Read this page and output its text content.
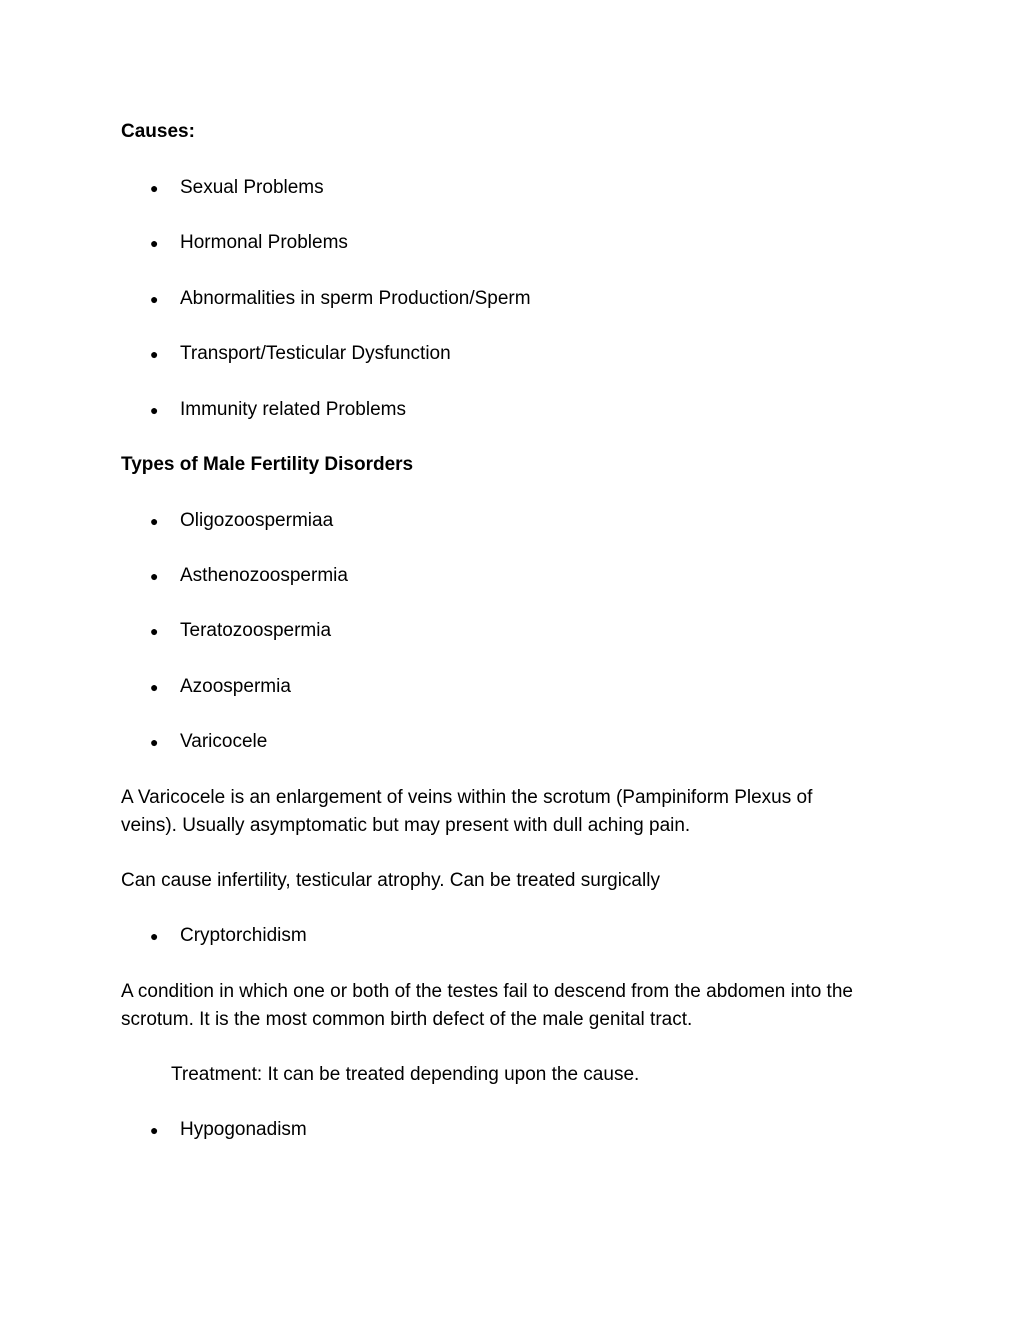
Causes:
● Sexual Problems
● Hormonal Problems
● Abnormalities in sperm Production/Sperm
● Transport/Testicular Dysfunction
● Immunity related Problems
Types of Male Fertility Disorders
● Oligozoospermiaa
● Asthenozoospermia
● Teratozoospermia
● Azoospermia
● Varicocele
A Varicocele is an enlargement of veins within the scrotum (Pampiniform Plexus of
veins). Usually asymptomatic but may present with dull aching pain.
Can cause infertility, testicular atrophy. Can be treated surgically
● Cryptorchidism
A condition in which one or both of the testes fail to descend from the abdomen into the
scrotum. It is the most common birth defect of the male genital tract.
Treatment: It can be treated depending upon the cause.
● Hypogonadism
